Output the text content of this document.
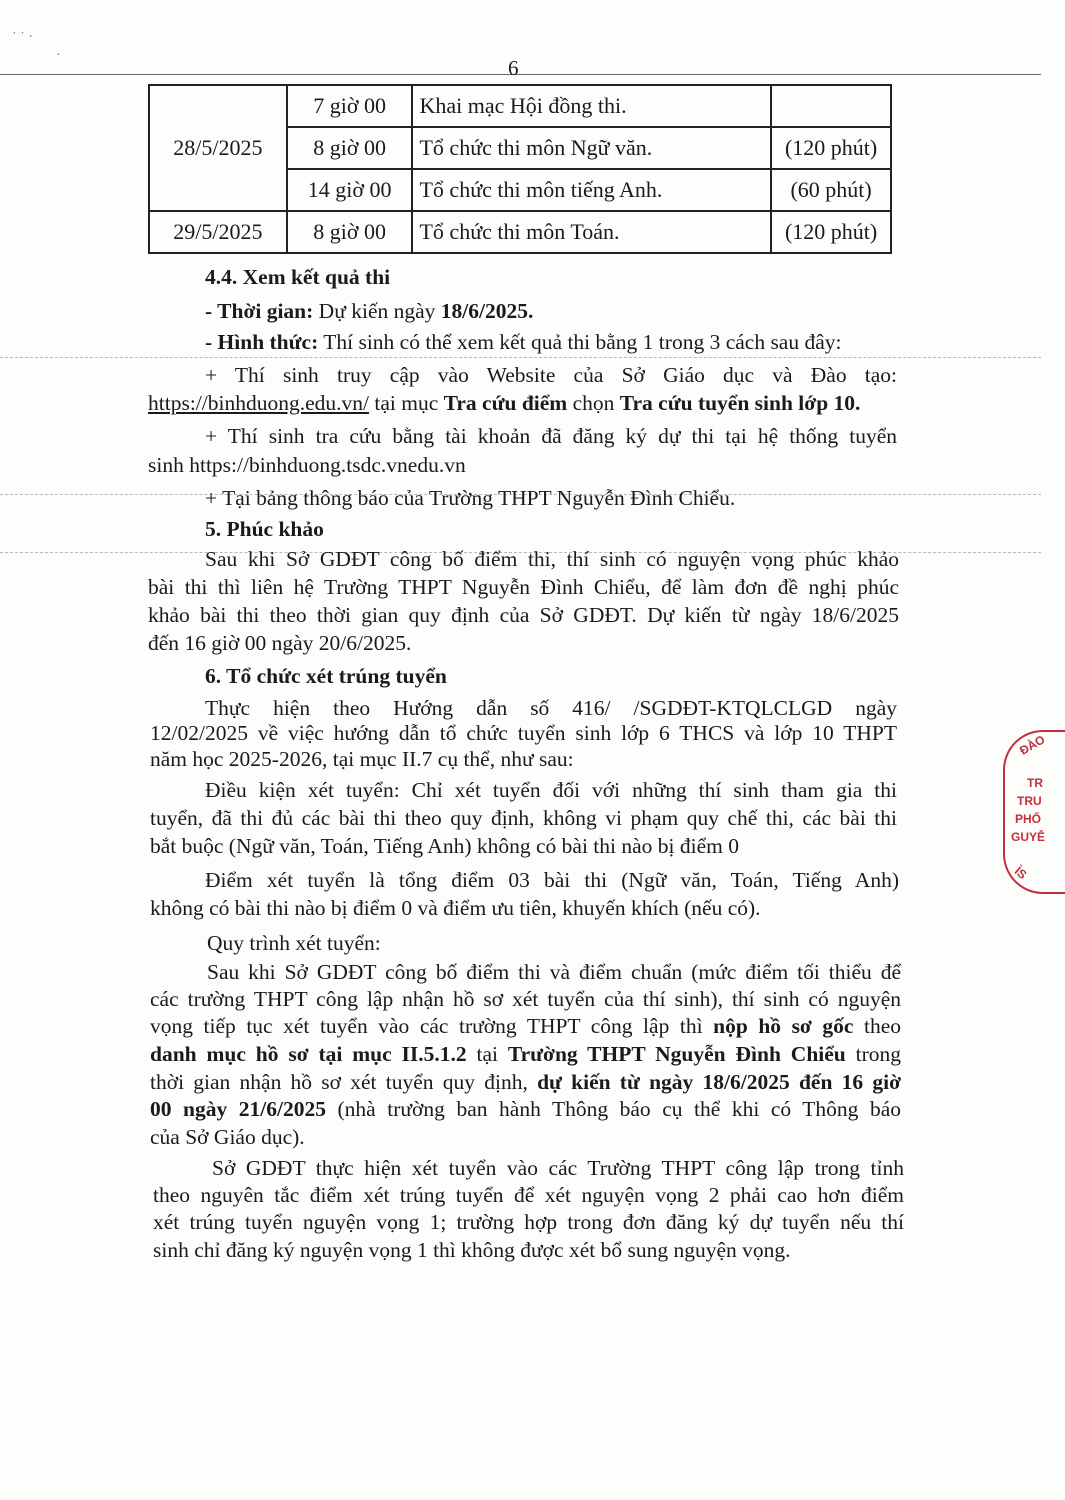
˙ ˙ ·
·
6
28/5/2025	7 giờ 00	Khai mạc Hội đồng thi.	
	8 giờ 00	Tổ chức thi môn Ngữ văn.	(120 phút)
	14 giờ 00	Tổ chức thi môn tiếng Anh.	(60 phút)
29/5/2025	8 giờ 00	Tổ chức thi môn Toán.	(120 phút)
4.4. Xem kết quả thi
- Thời gian: Dự kiến ngày 18/6/2025.
- Hình thức: Thí sinh có thể xem kết quả thi bằng 1 trong 3 cách sau đây:
+ Thí sinh truy cập vào Website của Sở Giáo dục và Đào tạo:
https://binhduong.edu.vn/ tại mục Tra cứu điểm chọn Tra cứu tuyển sinh lớp 10.
+ Thí sinh tra cứu bằng tài khoản đã đăng ký dự thi tại hệ thống tuyển
sinh https://binhduong.tsdc.vnedu.vn
+ Tại bảng thông báo của Trường THPT Nguyễn Đình Chiểu.
5. Phúc khảo
Sau khi Sở GDĐT công bố điểm thi, thí sinh có nguyện vọng phúc khảo
bài thi thì liên hệ Trường THPT Nguyễn Đình Chiểu, để làm đơn đề nghị phúc
khảo bài thi theo thời gian quy định của Sở GDĐT. Dự kiến từ ngày 18/6/2025
đến 16 giờ 00 ngày 20/6/2025.
6. Tổ chức xét trúng tuyển
Thực hiện theo Hướng dẫn số 416/ /SGDĐT-KTQLCLGD ngày
12/02/2025 về việc hướng dẫn tổ chức tuyển sinh lớp 6 THCS và lớp 10 THPT
năm học 2025-2026, tại mục II.7 cụ thể, như sau:
Điều kiện xét tuyển: Chỉ xét tuyển đối với những thí sinh tham gia thi
tuyển, đã thi đủ các bài thi theo quy định, không vi phạm quy chế thi, các bài thi
bắt buộc (Ngữ văn, Toán, Tiếng Anh) không có bài thi nào bị điểm 0
Điểm xét tuyển là tổng điểm 03 bài thi (Ngữ văn, Toán, Tiếng Anh)
không có bài thi nào bị điểm 0 và điểm ưu tiên, khuyến khích (nếu có).
Quy trình xét tuyển:
Sau khi Sở GDĐT công bố điểm thi và điểm chuẩn (mức điểm tối thiểu để
các trường THPT công lập nhận hồ sơ xét tuyển của thí sinh), thí sinh có nguyện
vọng tiếp tục xét tuyển vào các trường THPT công lập thì nộp hồ sơ gốc theo
danh mục hồ sơ tại mục II.5.1.2 tại Trường THPT Nguyễn Đình Chiểu trong
thời gian nhận hồ sơ xét tuyển quy định, dự kiến từ ngày 18/6/2025 đến 16 giờ
00 ngày 21/6/2025 (nhà trường ban hành Thông báo cụ thể khi có Thông báo
của Sở Giáo dục).
Sở GDĐT thực hiện xét tuyển vào các Trường THPT công lập trong tỉnh
theo nguyên tắc điểm xét trúng tuyển để xét nguyện vọng 2 phải cao hơn điểm
xét trúng tuyển nguyện vọng 1; trường hợp trong đơn đăng ký dự tuyển nếu thí
sinh chỉ đăng ký nguyện vọng 1 thì không được xét bổ sung nguyện vọng.
ĐÀO
TR
TRU
PHỐ
GUYỄ
ÌS
